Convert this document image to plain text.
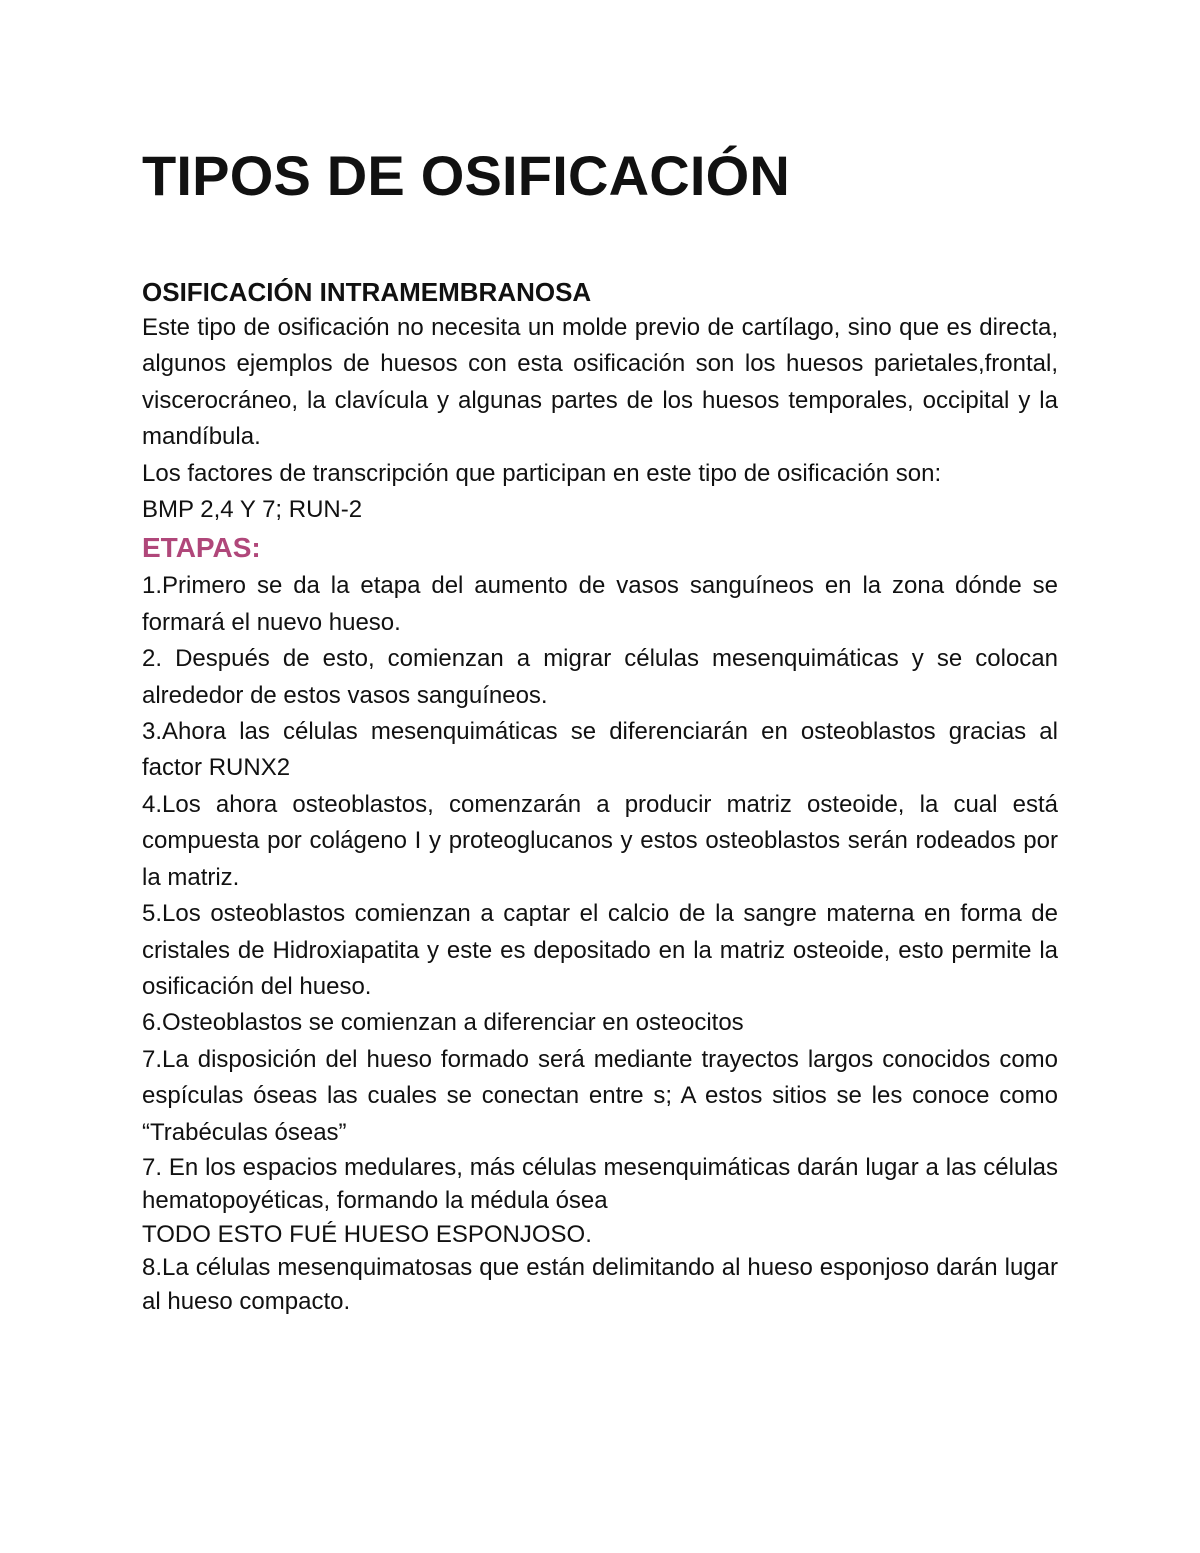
TIPOS DE OSIFICACIÓN
OSIFICACIÓN INTRAMEMBRANOSA

Este tipo de osificación no necesita un molde previo de cartílago, sino que es directa, algunos ejemplos de huesos con esta osificación son los huesos parietales,frontal, viscerocráneo, la clavícula y algunas partes de los huesos temporales, occipital y la mandíbula.

Los factores de transcripción que participan en este tipo de osificación son:

BMP 2,4 Y 7; RUN-2

ETAPAS:

1.Primero se da la etapa del aumento de vasos sanguíneos en la zona dónde se formará el nuevo hueso.

2. Después de esto, comienzan a migrar células mesenquimáticas y se colocan alrededor de estos vasos sanguíneos.

3.Ahora las células mesenquimáticas se diferenciarán en osteoblastos gracias al factor RUNX2

4.Los ahora osteoblastos, comenzarán a producir matriz osteoide, la cual está compuesta por colágeno I y proteoglucanos y estos osteoblastos serán rodeados por la matriz.

5.Los osteoblastos comienzan a captar el calcio de la sangre materna en forma de cristales de Hidroxiapatita y este es depositado en la matriz osteoide, esto permite la osificación del hueso.

6.Osteoblastos se comienzan a diferenciar en osteocitos

7.La disposición del hueso formado será mediante trayectos largos conocidos como espículas óseas las cuales se conectan entre s; A estos sitios se les conoce como “Trabéculas óseas”

7. En los espacios medulares, más células mesenquimáticas darán lugar a las células hematopoyéticas, formando la médula ósea

TODO ESTO FUÉ HUESO ESPONJOSO.

8.La células mesenquimatosas que están delimitando al hueso esponjoso darán lugar al hueso compacto.
